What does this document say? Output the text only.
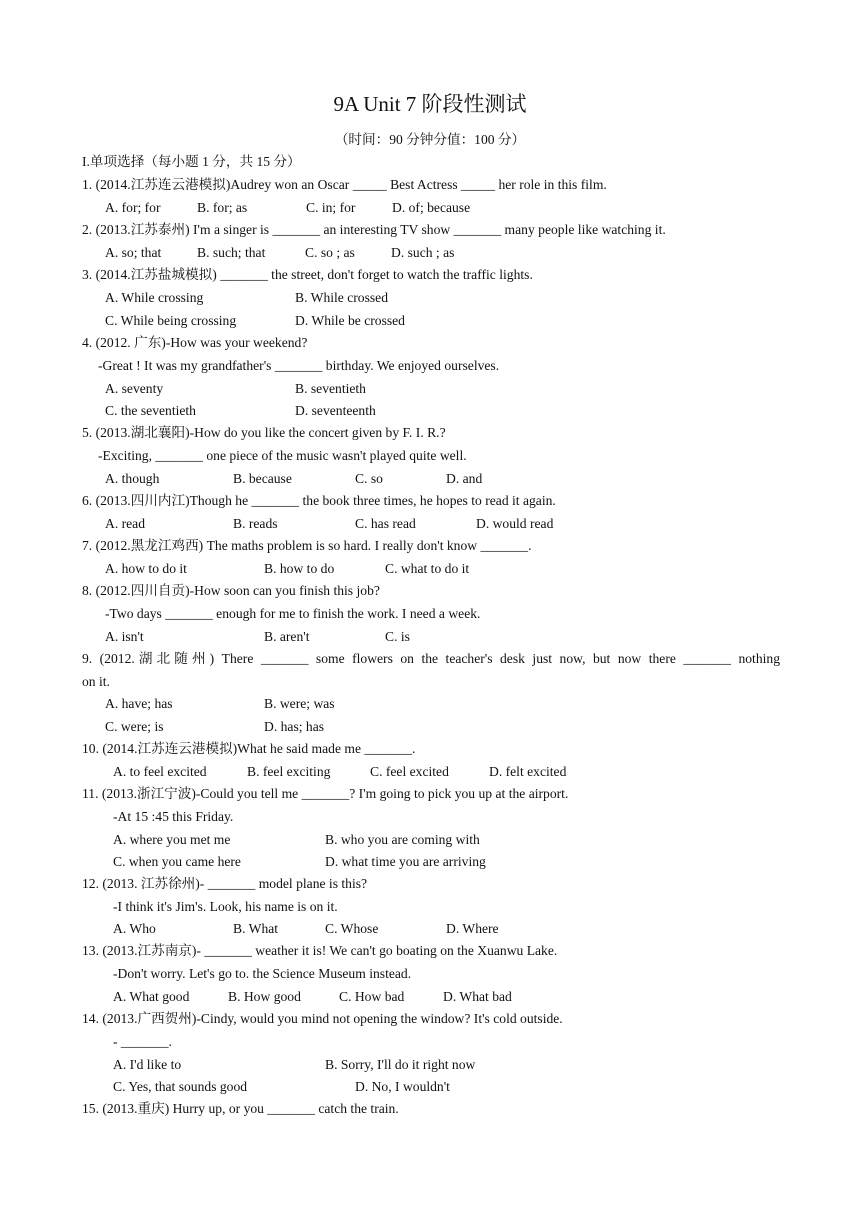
9A Unit 7 阶段性测试
（时间：90 分钟分值：100 分）
I.单项选择（每小题 1 分，共 15 分）
1. (2014.江苏连云港模拟)Audrey won an Oscar _____ Best Actress _____ her role in this film.
A. for; for	B. for; as	C. in; for	D. of; because
2. (2013.江苏泰州) I'm a singer is _______ an interesting TV show _______ many people like watching it.
A. so; that	B. such; that	C. so ; as	D. such ; as
3. (2014.江苏盐城模拟) _______ the street, don't forget to watch the traffic lights.
A. While crossing	B. While crossed
C. While being crossing	D. While be crossed
4. (2012. 广东)-How was your weekend?
-Great ! It was my grandfather's _______ birthday. We enjoyed ourselves.
A. seventy	B. seventieth
C. the seventieth	D. seventeenth
5. (2013.湖北襄阳)-How do you like the concert given by F. I. R.?
-Exciting, _______ one piece of the music wasn't played quite well.
A. though	B. because	C. so	D. and
6. (2013.四川内江)Though he _______ the book three times, he hopes to read it again.
A. read	B. reads	C. has read	D. would read
7. (2012.黑龙江鸡西) The maths problem is so hard. I really don't know _______.
A. how to do it	B. how to do	C. what to do it
8. (2012.四川自贡)-How soon can you finish this job?
-Two days _______ enough for me to finish the work. I need a week.
A. isn't	B. aren't	C. is
9. (2012.湖北随州) There _______ some flowers on the teacher's desk just now, but now there _______ nothing
on it.
A. have; has	B. were; was
C. were; is	D. has; has
10. (2014.江苏连云港模拟)What he said made me _______.
A. to feel excited	B. feel exciting	C. feel excited	D. felt excited
11. (2013.浙江宁波)-Could you tell me _______? I'm going to pick you up at the airport.
-At 15 :45 this Friday.
A. where you met me	B. who you are coming with
C. when you came here	D. what time you are arriving
12. (2013. 江苏徐州)- _______ model plane is this?
-I think it's Jim's. Look, his name is on it.
A. Who	B. What	C. Whose	D. Where
13. (2013.江苏南京)- _______ weather it is! We can't go boating on the Xuanwu Lake.
-Don't worry. Let's go to. the Science Museum instead.
A. What good	B. How good	C. How bad	D. What bad
14. (2013.广西贺州)-Cindy, would you mind not opening the window? It's cold outside.
- _______.
A. I'd like to	B. Sorry, I'll do it right now
C. Yes, that sounds good	D. No, I wouldn't
15. (2013.重庆) Hurry up, or you _______ catch the train.
